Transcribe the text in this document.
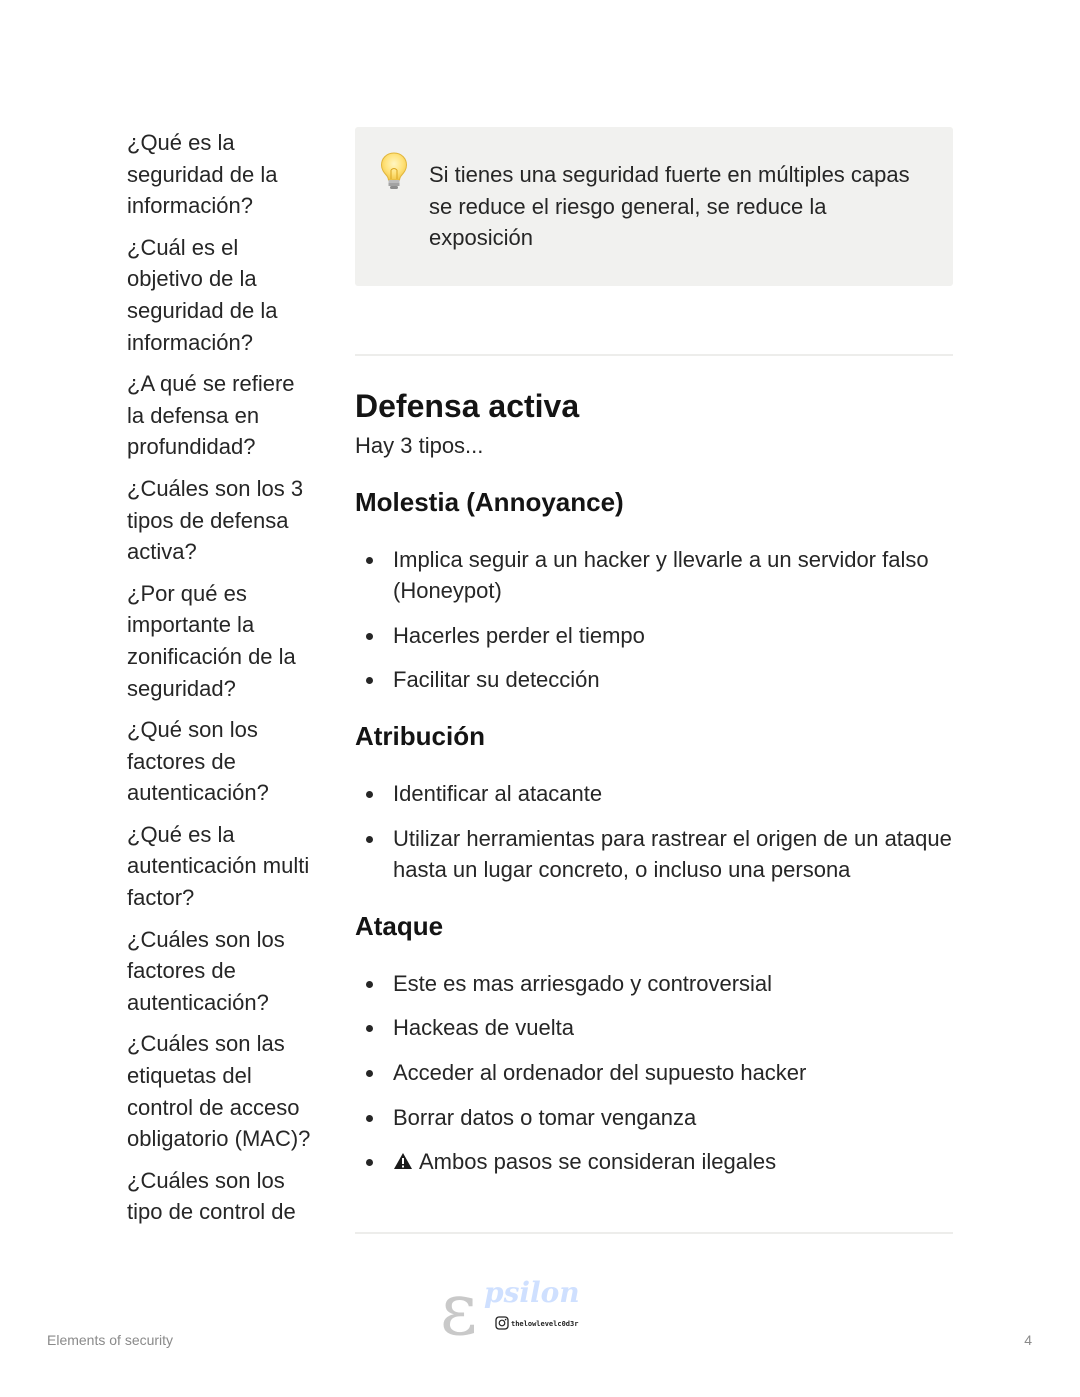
¿Qué es la seguridad de la información?
¿Cuál es el objetivo de la seguridad de la información?
¿A qué se refiere la defensa en profundidad?
¿Cuáles son los 3 tipos de defensa activa?
¿Por qué es importante la zonificación de la seguridad?
¿Qué son los factores de autenticación?
¿Qué es la autenticación multi factor?
¿Cuáles son los factores de autenticación?
¿Cuáles son las etiquetas del control de acceso obligatorio (MAC)?
¿Cuáles son los tipo de control de
Si tienes una seguridad fuerte en múltiples capas se reduce el riesgo general, se reduce la exposición
Defensa activa
Hay 3 tipos...
Molestia (Annoyance)
Implica seguir a un hacker y llevarle a un servidor falso (Honeypot)
Hacerles perder el tiempo
Facilitar su detección
Atribución
Identificar al atacante
Utilizar herramientas para rastrear el origen de un ataque hasta un lugar concreto, o incluso una persona
Ataque
Este es mas arriesgado y controversial
Hackeas de vuelta
Acceder al ordenador del supuesto hacker
Borrar datos o tomar venganza
Ambos pasos se consideran ilegales
ε psilon
thelowlevelc0d3r
Elements of security	4
